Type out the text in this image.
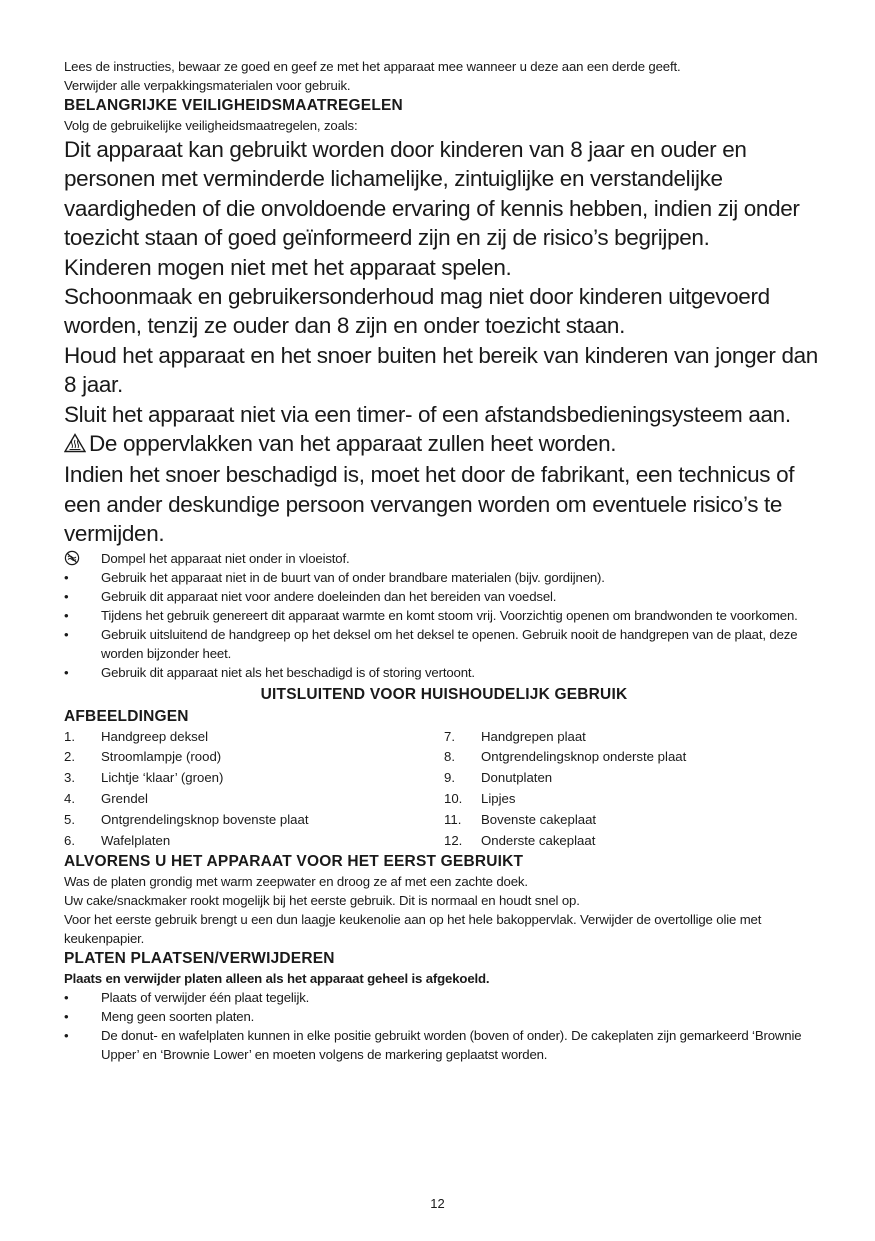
Lees de instructies, bewaar ze goed en geef ze met het apparaat mee wanneer u deze aan een derde geeft.

Verwijder alle verpakkingsmaterialen voor gebruik.

BELANGRIJKE VEILIGHEIDSMAATREGELEN
Volg de gebruikelijke veiligheidsmaatregelen, zoals:

Dit apparaat kan gebruikt worden door kinderen van 8 jaar en ouder en personen met verminderde lichamelijke, zintuiglijke en verstandelijke vaardigheden of die onvoldoende ervaring of kennis hebben, indien zij onder toezicht staan of goed geïnformeerd zijn en zij de risico’s begrijpen.

Kinderen mogen niet met het apparaat spelen.

Schoonmaak en gebruikersonderhoud mag niet door kinderen uitgevoerd worden, tenzij ze ouder dan 8 zijn en onder toezicht staan.

Houd het apparaat en het snoer buiten het bereik van kinderen van jonger dan 8 jaar.

Sluit het apparaat niet via een timer- of een afstandsbedieningsysteem aan.

De oppervlakken van het apparaat zullen heet worden.

Indien het snoer beschadigd is, moet het door de fabrikant, een technicus of een ander deskundige persoon vervangen worden om eventuele risico’s te vermijden.

Dompel het apparaat niet onder in vloeistof.
•	Gebruik het apparaat niet in de buurt van of onder brandbare materialen (bijv. gordijnen).
•	Gebruik dit apparaat niet voor andere doeleinden dan het bereiden van voedsel.
•	Tijdens het gebruik genereert dit apparaat warmte en komt stoom vrij. Voorzichtig openen om brandwonden te voorkomen.
•	Gebruik uitsluitend de handgreep op het deksel om het deksel te openen. Gebruik nooit de handgrepen van de plaat, deze worden bijzonder heet.
•	Gebruik dit apparaat niet als het beschadigd is of storing vertoont.
UITSLUITEND VOOR HUISHOUDELIJK GEBRUIK
AFBEELDINGEN
1.	Handgreep deksel
2.	Stroomlampje (rood)
3.	Lichtje ‘klaar’ (groen)
4.	Grendel
5.	Ontgrendelingsknop bovenste plaat
6.	Wafelplaten
7.	Handgrepen plaat
8.	Ontgrendelingsknop onderste plaat
9.	Donutplaten
10.	Lipjes
11.	Bovenste cakeplaat
12.	Onderste cakeplaat
ALVORENS U HET APPARAAT VOOR HET EERST GEBRUIKT

Was de platen grondig met warm zeepwater en droog ze af met een zachte doek.

Uw cake/snackmaker rookt mogelijk bij het eerste gebruik. Dit is normaal en houdt snel op.

Voor het eerste gebruik brengt u een dun laagje keukenolie aan op het hele bakoppervlak. Verwijder de overtollige olie met keukenpapier.

PLATEN PLAATSEN/VERWIJDEREN

Plaats en verwijder platen alleen als het apparaat geheel is afgekoeld.

•	Plaats of verwijder één plaat tegelijk.
•	Meng geen soorten platen.
•	De donut- en wafelplaten kunnen in elke positie gebruikt worden (boven of onder). De cakeplaten zijn gemarkeerd ‘Brownie Upper’ en ‘Brownie Lower’ en moeten volgens de markering geplaatst worden.
12
